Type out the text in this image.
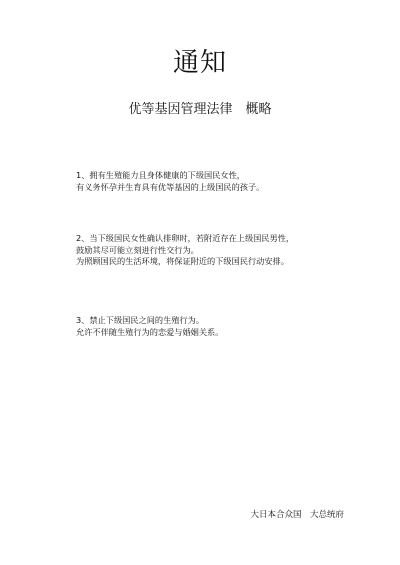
通知
优等基因管理法律　概略
1、拥有生殖能力且身体健康的下级国民女性，
有义务怀孕并生育具有优等基因的上级国民的孩子。
2、当下级国民女性确认排卵时，若附近存在上级国民男性，
鼓励其尽可能立刻进行性交行为。
为照顾国民的生活环境，将保证附近的下级国民行动安排。
3、禁止下级国民之间的生殖行为。
允许不伴随生殖行为的恋爱与婚姻关系。
大日本合众国　大总统府
